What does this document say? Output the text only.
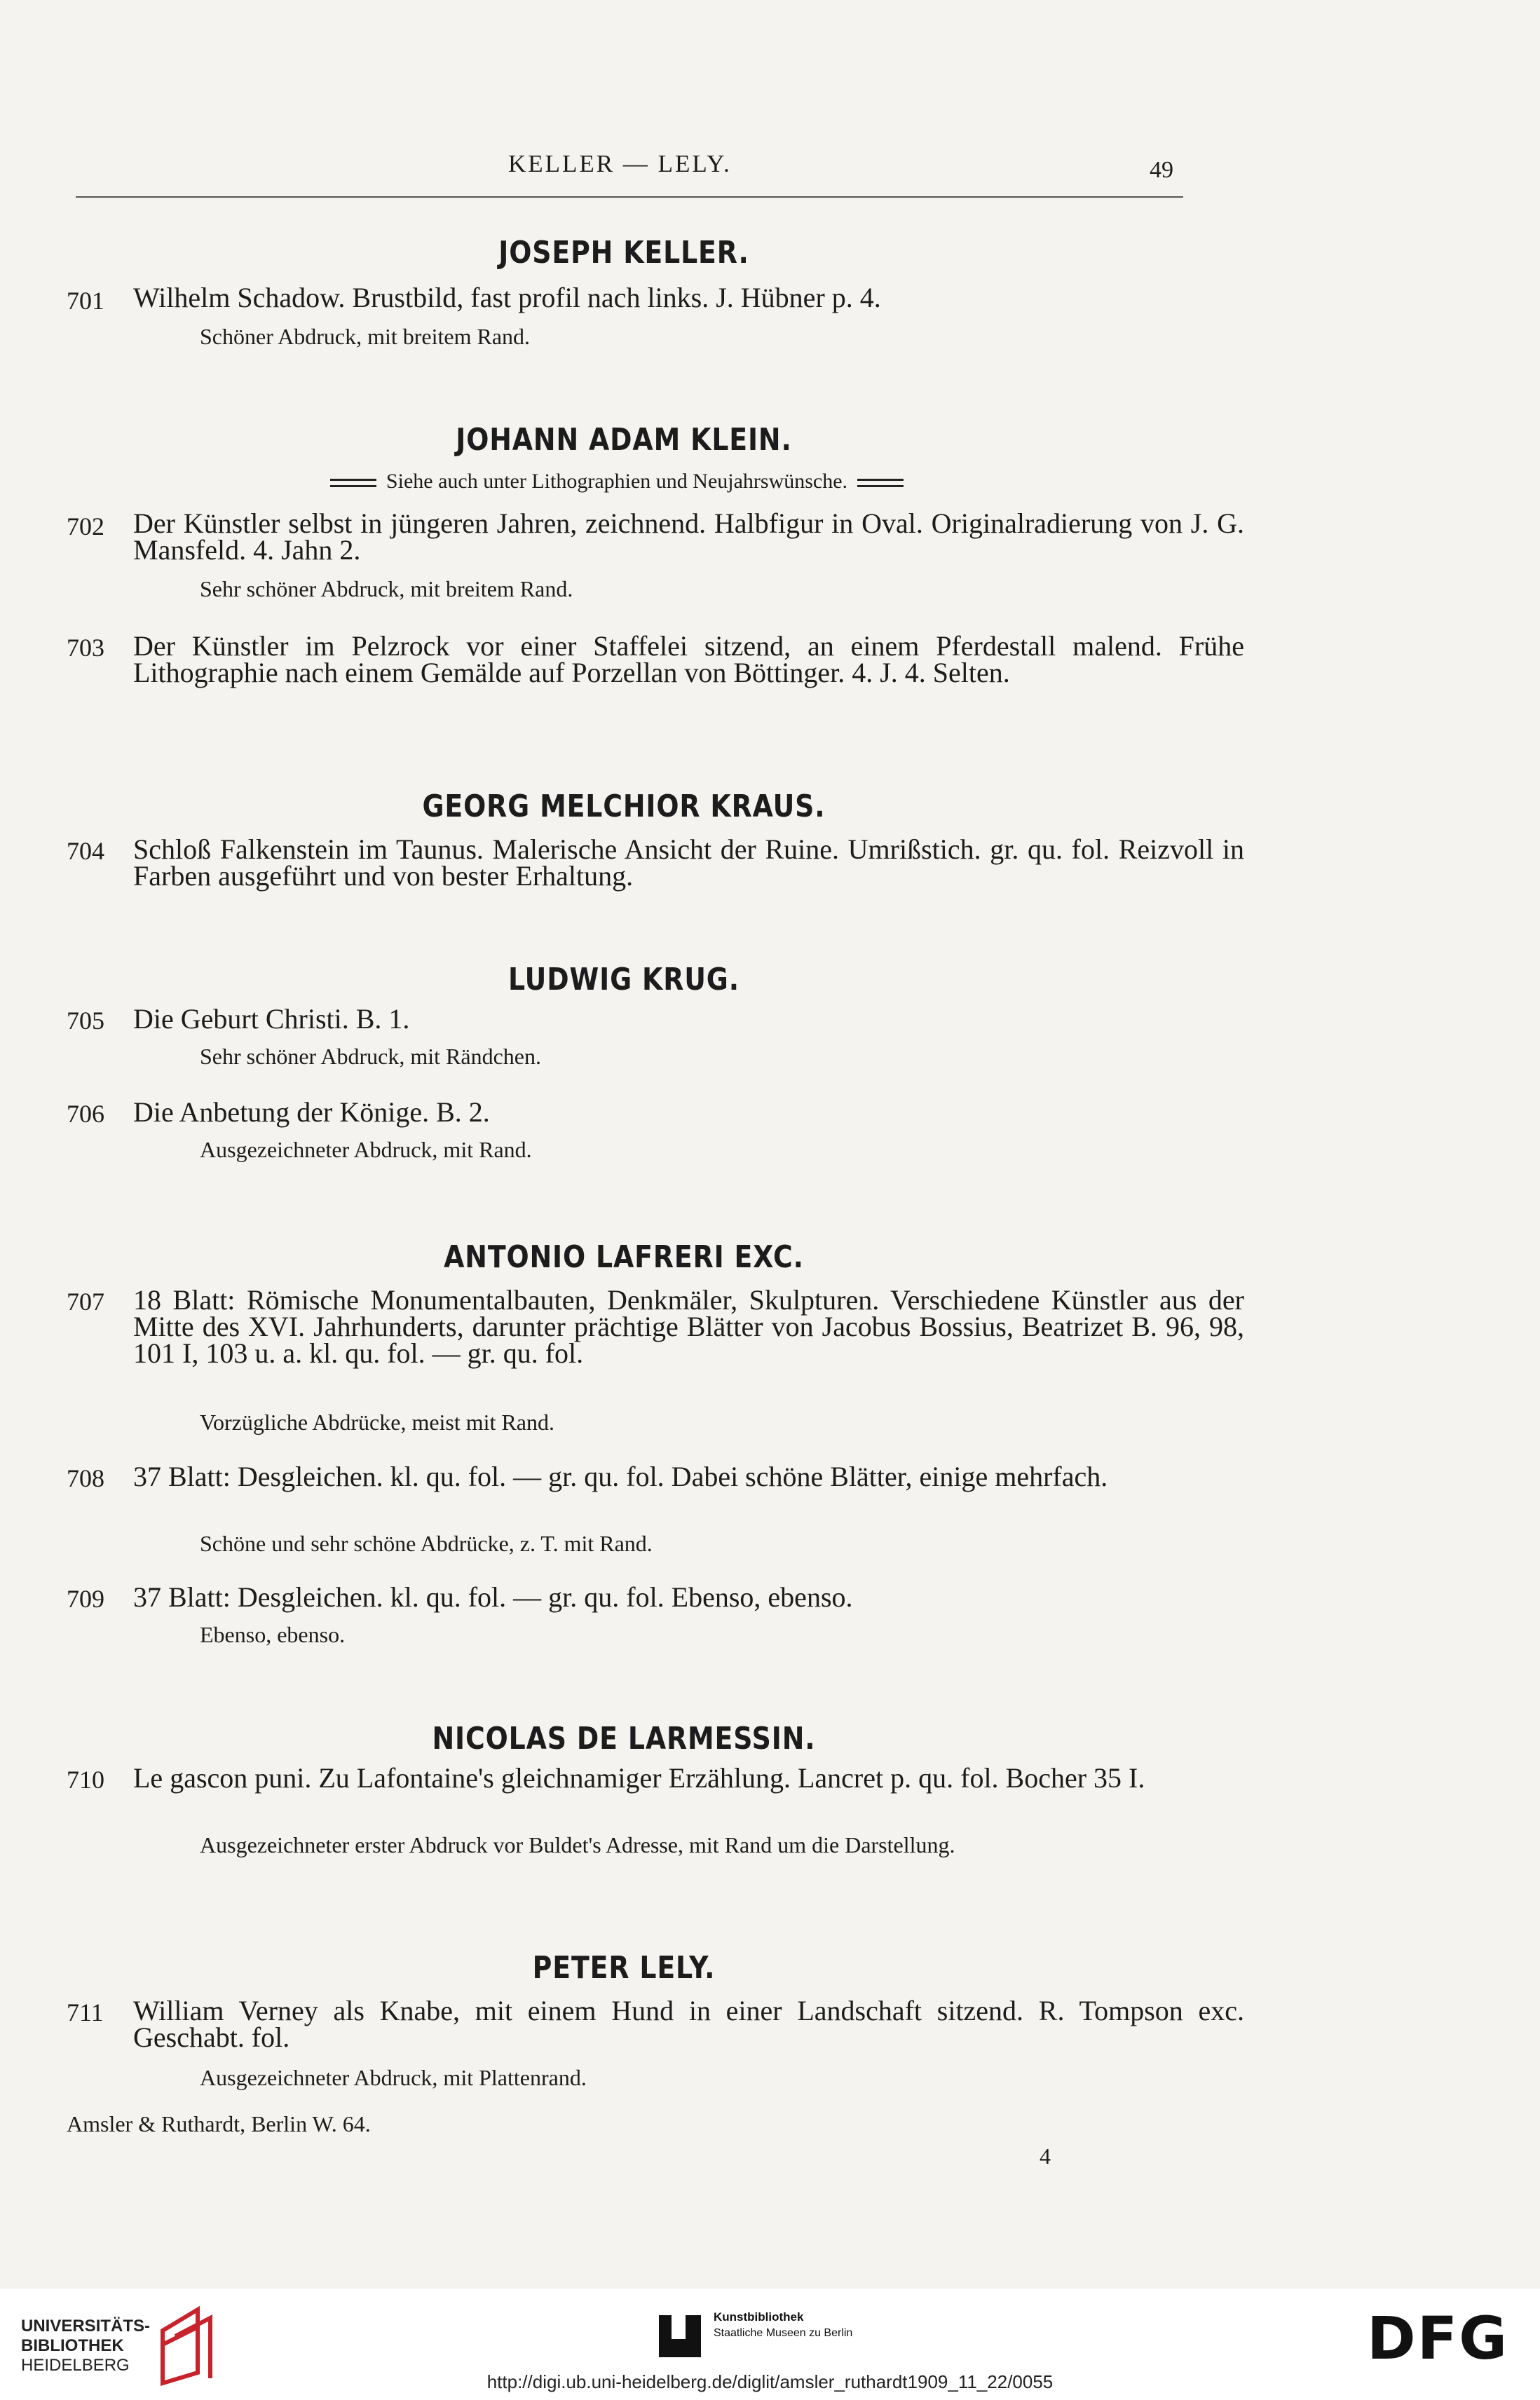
KELLER — LELY.	49
JOSEPH KELLER.
701 Wilhelm Schadow. Brustbild, fast profil nach links. J. Hübner p. 4.
Schöner Abdruck, mit breitem Rand.
JOHANN ADAM KLEIN.
Siehe auch unter Lithographien und Neujahrswünsche.
702 Der Künstler selbst in jüngeren Jahren, zeichnend. Halbfigur in Oval. Originalradierung von J. G. Mansfeld. 4. Jahn 2.
Sehr schöner Abdruck, mit breitem Rand.
703 Der Künstler im Pelzrock vor einer Staffelei sitzend, an einem Pferdestall malend. Frühe Lithographie nach einem Gemälde auf Porzellan von Böttinger. 4. J. 4. Selten.
GEORG MELCHIOR KRAUS.
704 Schloß Falkenstein im Taunus. Malerische Ansicht der Ruine. Umrißstich. gr. qu. fol. Reizvoll in Farben ausgeführt und von bester Erhaltung.
LUDWIG KRUG.
705 Die Geburt Christi. B. 1.
Sehr schöner Abdruck, mit Rändchen.
706 Die Anbetung der Könige. B. 2.
Ausgezeichneter Abdruck, mit Rand.
ANTONIO LAFRERI EXC.
707 18 Blatt: Römische Monumentalbauten, Denkmäler, Skulpturen. Verschiedene Künstler aus der Mitte des XVI. Jahrhunderts, darunter prächtige Blätter von Jacobus Bossius, Beatrizet B. 96, 98, 101 I, 103 u. a. kl. qu. fol. — gr. qu. fol.
Vorzügliche Abdrücke, meist mit Rand.
708 37 Blatt: Desgleichen. kl. qu. fol. — gr. qu. fol. Dabei schöne Blätter, einige mehrfach.
Schöne und sehr schöne Abdrücke, z. T. mit Rand.
709 37 Blatt: Desgleichen. kl. qu. fol. — gr. qu. fol. Ebenso, ebenso.
Ebenso, ebenso.
NICOLAS DE LARMESSIN.
710 Le gascon puni. Zu Lafontaine's gleichnamiger Erzählung. Lancret p. qu. fol. Bocher 35 I.
Ausgezeichneter erster Abdruck vor Buldet's Adresse, mit Rand um die Darstellung.
PETER LELY.
711 William Verney als Knabe, mit einem Hund in einer Landschaft sitzend. R. Tompson exc. Geschabt. fol.
Ausgezeichneter Abdruck, mit Plattenrand.
Amsler & Ruthardt, Berlin W. 64.
4
UNIVERSITÄTS-
BIBLIOTHEK
HEIDELBERG
Kunstbibliothek
Staatliche Museen zu Berlin	DFG
http://digi.ub.uni-heidelberg.de/diglit/amsler_ruthardt1909_11_22/0055
